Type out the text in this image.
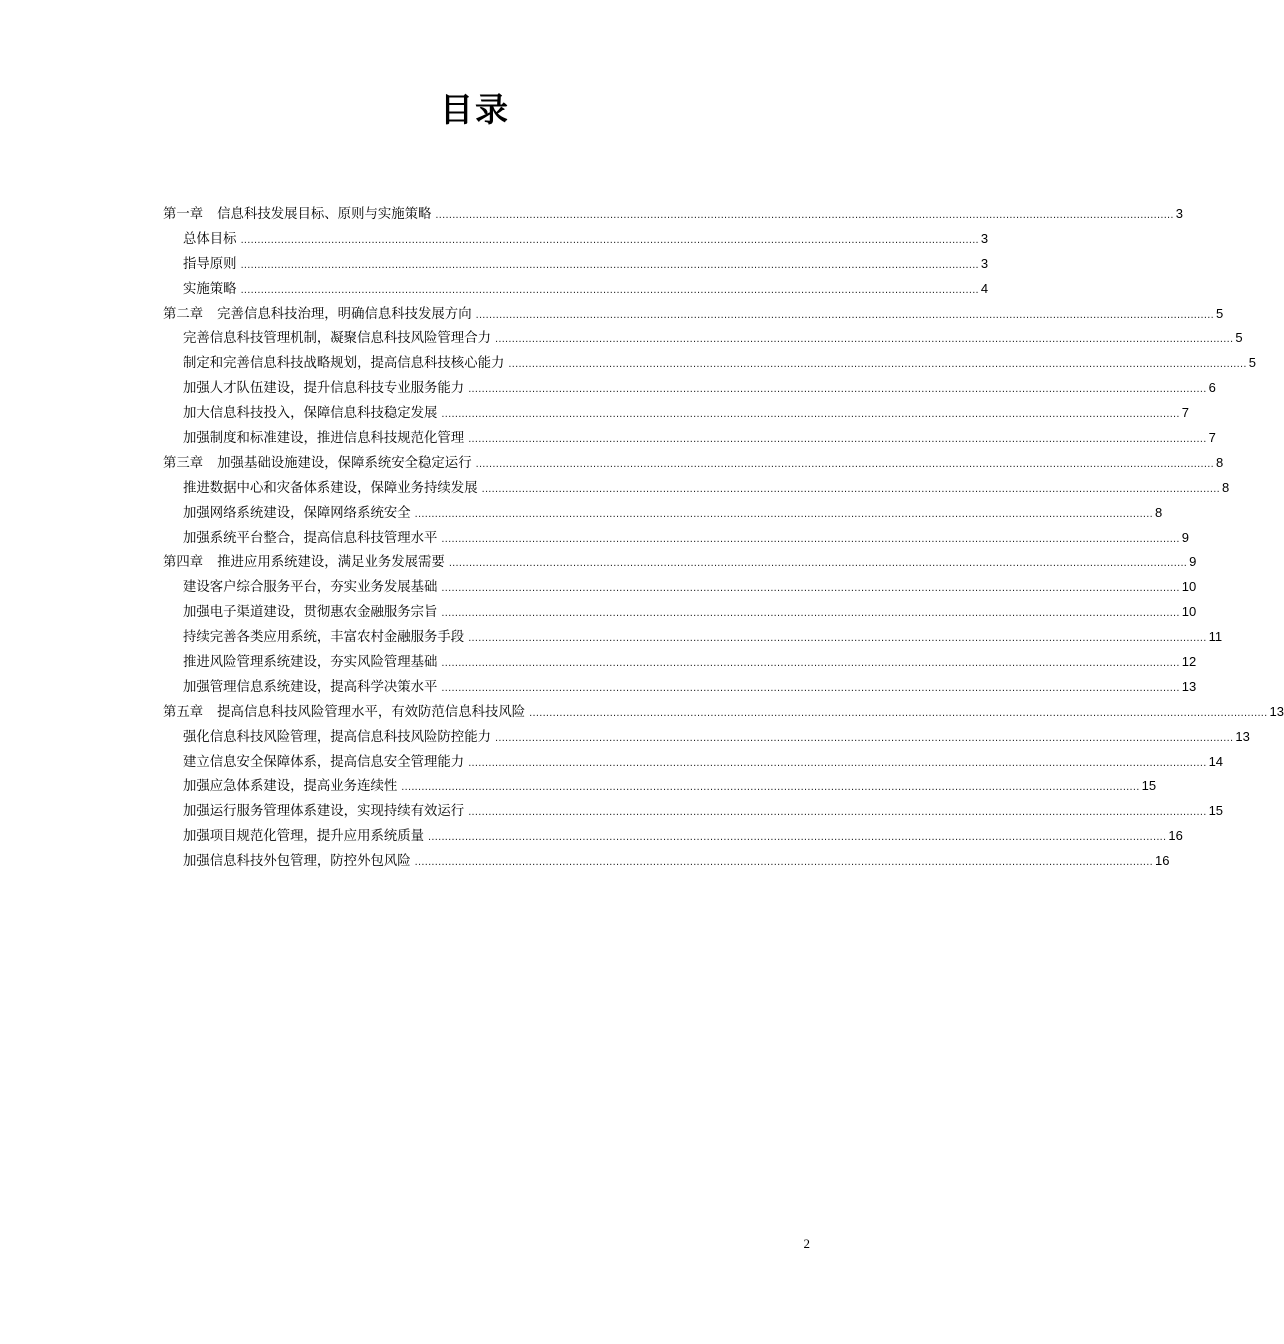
目录
第一章 信息科技发展目标、原则与实施策略 ............................................................................................................................................................................................................................ 3
总体目标 ............................................................................................................................................................................................................................ 3
指导原则 ............................................................................................................................................................................................................................ 3
实施策略 ............................................................................................................................................................................................................................ 4
第二章 完善信息科技治理，明确信息科技发展方向 ............................................................................................................................................................................................................................ 5
完善信息科技管理机制，凝聚信息科技风险管理合力 ............................................................................................................................................................................................................................ 5
制定和完善信息科技战略规划，提高信息科技核心能力 ............................................................................................................................................................................................................................ 5
加强人才队伍建设，提升信息科技专业服务能力 ............................................................................................................................................................................................................................ 6
加大信息科技投入，保障信息科技稳定发展 ............................................................................................................................................................................................................................ 7
加强制度和标准建设，推进信息科技规范化管理 ............................................................................................................................................................................................................................ 7
第三章 加强基础设施建设，保障系统安全稳定运行 ............................................................................................................................................................................................................................ 8
推进数据中心和灾备体系建设，保障业务持续发展 ............................................................................................................................................................................................................................ 8
加强网络系统建设，保障网络系统安全 ............................................................................................................................................................................................................................ 8
加强系统平台整合，提高信息科技管理水平 ............................................................................................................................................................................................................................ 9
第四章 推进应用系统建设，满足业务发展需要 ............................................................................................................................................................................................................................ 9
建设客户综合服务平台，夯实业务发展基础 ............................................................................................................................................................................................................................ 10
加强电子渠道建设，贯彻惠农金融服务宗旨 ............................................................................................................................................................................................................................ 10
持续完善各类应用系统，丰富农村金融服务手段 ............................................................................................................................................................................................................................ 11
推进风险管理系统建设，夯实风险管理基础 ............................................................................................................................................................................................................................ 12
加强管理信息系统建设，提高科学决策水平 ............................................................................................................................................................................................................................ 13
第五章 提高信息科技风险管理水平，有效防范信息科技风险 ............................................................................................................................................................................................................................ 13
强化信息科技风险管理，提高信息科技风险防控能力 ............................................................................................................................................................................................................................ 13
建立信息安全保障体系，提高信息安全管理能力 ............................................................................................................................................................................................................................ 14
加强应急体系建设，提高业务连续性 ............................................................................................................................................................................................................................ 15
加强运行服务管理体系建设，实现持续有效运行 ............................................................................................................................................................................................................................ 15
加强项目规范化管理，提升应用系统质量 ............................................................................................................................................................................................................................ 16
加强信息科技外包管理，防控外包风险 ............................................................................................................................................................................................................................ 16
2
